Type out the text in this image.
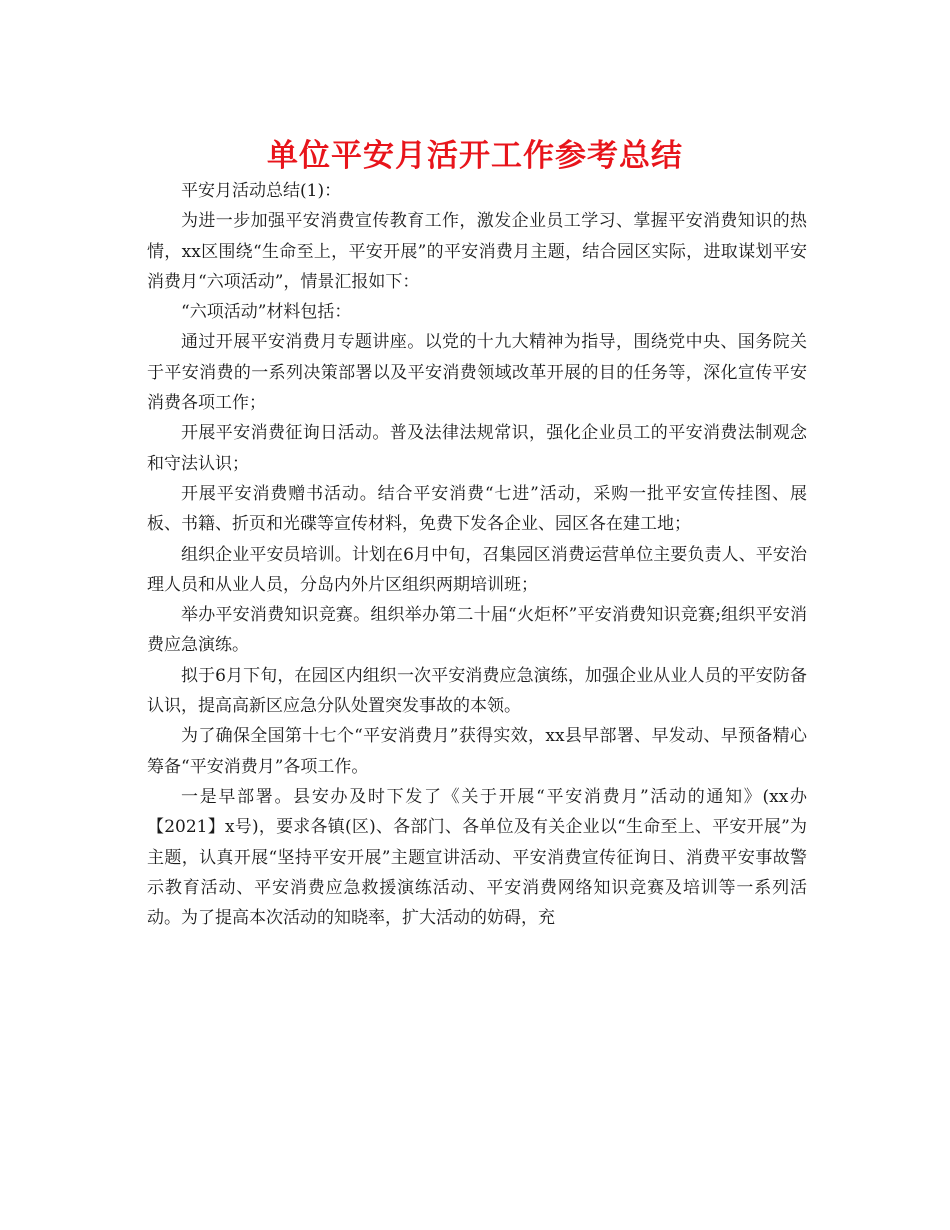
单位平安月活开工作参考总结

平安月活动总结(1)：

为进一步加强平安消费宣传教育工作，激发企业员工学习、掌握平安消费知识的热情，xx区围绕“生命至上，平安开展”的平安消费月主题，结合园区实际，进取谋划平安消费月“六项活动”，情景汇报如下：

“六项活动”材料包括：

通过开展平安消费月专题讲座。以党的十九大精神为指导，围绕党中央、国务院关于平安消费的一系列决策部署以及平安消费领域改革开展的目的任务等，深化宣传平安消费各项工作；

开展平安消费征询日活动。普及法律法规常识，强化企业员工的平安消费法制观念和守法认识；

开展平安消费赠书活动。结合平安消费“七进”活动，采购一批平安宣传挂图、展板、书籍、折页和光碟等宣传材料，免费下发各企业、园区各在建工地；

组织企业平安员培训。计划在6月中旬，召集园区消费运营单位主要负责人、平安治理人员和从业人员，分岛内外片区组织两期培训班；

举办平安消费知识竞赛。组织举办第二十届“火炬杯”平安消费知识竞赛;组织平安消费应急演练。

拟于6月下旬，在园区内组织一次平安消费应急演练，加强企业从业人员的平安防备认识，提高高新区应急分队处置突发事故的本领。

为了确保全国第十七个“平安消费月”获得实效，xx县早部署、早发动、早预备精心筹备“平安消费月”各项工作。

一是早部署。县安办及时下发了《关于开展“平安消费月”活动的通知》(xx办【2021】x号)，要求各镇(区)、各部门、各单位及有关企业以“生命至上、平安开展”为主题，认真开展“坚持平安开展”主题宣讲活动、平安消费宣传征询日、消费平安事故警示教育活动、平安消费应急救援演练活动、平安消费网络知识竞赛及培训等一系列活动。为了提高本次活动的知晓率，扩大活动的妨碍，充
